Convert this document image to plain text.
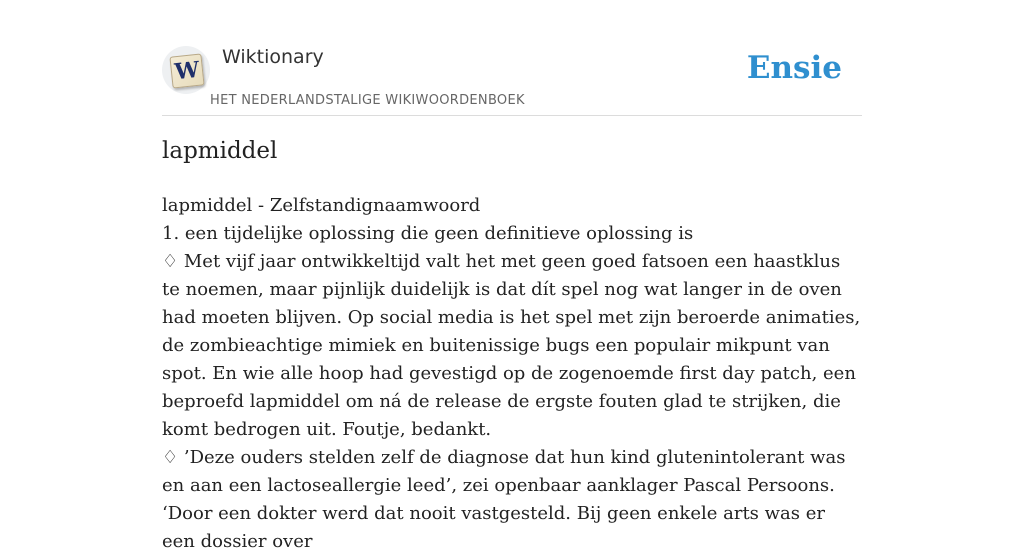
W Wiktionary
HET NEDERLANDSTALIGE WIKIWOORDENBOEK
Ensie
lapmiddel

lapmiddel - Zelfstandignaamwoord

1. een tijdelijke oplossing die geen definitieve oplossing is

♢ Met vijf jaar ontwikkeltijd valt het met geen goed fatsoen een haastklus te noemen, maar pijnlijk duidelijk is dat dít spel nog wat langer in de oven had moeten blijven. Op social media is het spel met zijn beroerde animaties, de zombieachtige mimiek en buitenissige bugs een populair mikpunt van spot. En wie alle hoop had gevestigd op de zogenoemde first day patch, een beproefd lapmiddel om ná de release de ergste fouten glad te strijken, die komt bedrogen uit. Foutje, bedankt.

♢ ’Deze ouders stelden zelf de diagnose dat hun kind glutenintolerant was en aan een lactoseallergie leed’, zei openbaar aanklager Pascal Persoons. ‘Door een dokter werd dat nooit vastgesteld. Bij geen enkele arts was er een dossier over
